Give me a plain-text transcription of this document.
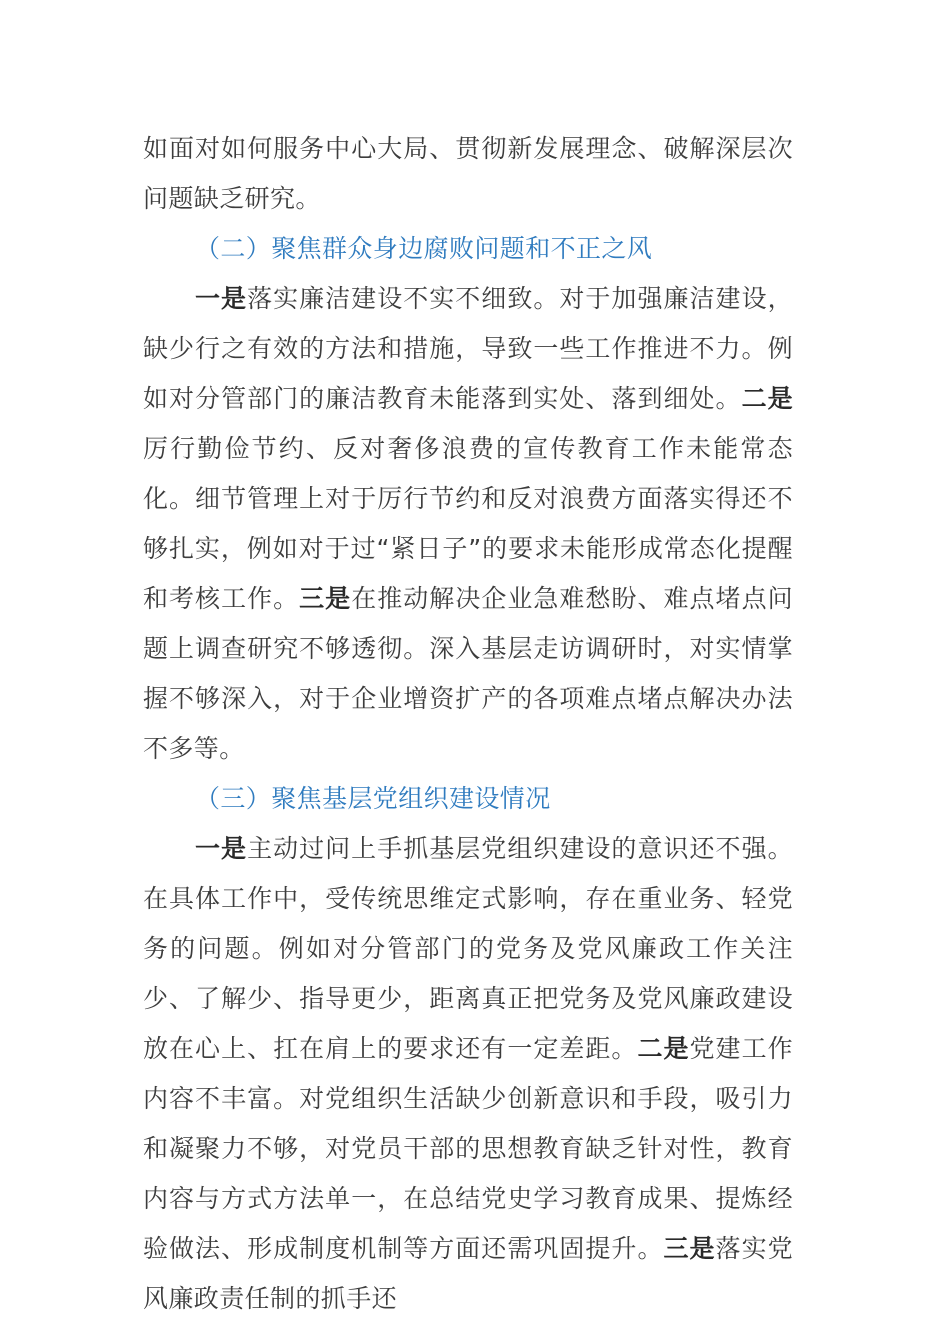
如面对如何服务中心大局、贯彻新发展理念、破解深层次问题缺乏研究。

（二）聚焦群众身边腐败问题和不正之风

一是落实廉洁建设不实不细致。对于加强廉洁建设，缺少行之有效的方法和措施，导致一些工作推进不力。例如对分管部门的廉洁教育未能落到实处、落到细处。二是厉行勤俭节约、反对奢侈浪费的宣传教育工作未能常态化。细节管理上对于厉行节约和反对浪费方面落实得还不够扎实，例如对于过“紧日子”的要求未能形成常态化提醒和考核工作。三是在推动解决企业急难愁盼、难点堵点问题上调查研究不够透彻。深入基层走访调研时，对实情掌握不够深入，对于企业增资扩产的各项难点堵点解决办法不多等。

（三）聚焦基层党组织建设情况

一是主动过问上手抓基层党组织建设的意识还不强。在具体工作中，受传统思维定式影响，存在重业务、轻党务的问题。例如对分管部门的党务及党风廉政工作关注少、了解少、指导更少，距离真正把党务及党风廉政建设放在心上、扛在肩上的要求还有一定差距。二是党建工作内容不丰富。对党组织生活缺少创新意识和手段，吸引力和凝聚力不够，对党员干部的思想教育缺乏针对性，教育内容与方式方法单一，在总结党史学习教育成果、提炼经验做法、形成制度机制等方面还需巩固提升。三是落实党风廉政责任制的抓手还
